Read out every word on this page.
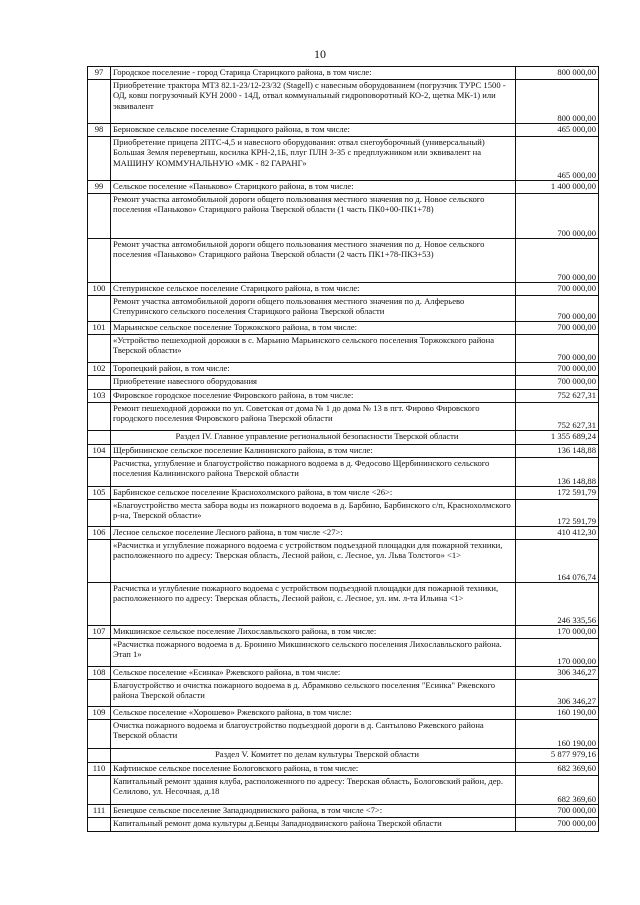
10
97	Городское поселение - город Старица Старицкого района, в том числе:	800 000,00
	Приобретение трактора МТЗ 82.1-23/12-23/32 (Stagell) с навесным оборудованием (погрузчик ТУРС 1500 - ОД, ковш погрузочный КУН 2000 - 14Д, отвал коммунальный гидроповоротный КО-2, щетка МК-1) или эквивалент	800 000,00
98	Берновское сельское поселение Старицкого района, в том числе:	465 000,00
	Приобретение прицепа 2ПТС-4,5 и навесного оборудования: отвал снегоуборочный (универсальный) Большая Земля перевертыш, косилка КРН-2,1Б, плуг ПЛН 3-35 с предплужником или эквивалент на МАШИНУ КОММУНАЛЬНУЮ «МК - 82 ГАРАНГ»	465 000,00
99	Сельское поселение «Паньково» Старицкого района, в том числе:	1 400 000,00
	Ремонт участка автомобильной дороги общего пользования местного значения по д. Новое сельского поселения «Паньково» Старицкого района Тверской области (1 часть ПК0+00-ПК1+78)	700 000,00
	Ремонт участка автомобильной дороги общего пользования местного значения по д. Новое сельского поселения «Паньково» Старицкого района Тверской области (2 часть ПК1+78-ПК3+53)	700 000,00
100	Степуринское сельское поселение Старицкого района, в том числе:	700 000,00
	Ремонт участка автомобильной дороги общего пользования местного значения по д. Алферьево Степуринского сельского поселения Старицкого района Тверской области	700 000,00
101	Марьинское сельское поселение Торжокского района, в том числе:	700 000,00
	«Устройство пешеходной дорожки в с. Марьино Марьинского сельского поселения Торжокского района Тверской области»	700 000,00
102	Торопецкий район, в том числе:	700 000,00
	Приобретение навесного оборудования	700 000,00
103	Фировское городское поселение Фировского района, в том числе:	752 627,31
	Ремонт пешеходной дорожки по ул. Советская от дома № 1 до дома № 13 в пгт. Фирово Фировского городского поселения Фировского района Тверской области	752 627,31
	Раздел IV. Главное управление региональной безопасности Тверской области	1 355 689,24
104	Щербининское сельское поселение Калининского района, в том числе:	136 148,88
	Расчистка, углубление и благоустройство пожарного водоема в д. Федосово Щербининского сельского поселения Калининского района Тверской области	136 148,88
105	Барбинское сельское поселение Краснохолмского района, в том числе <26>:	172 591,79
	«Благоустройство места забора воды из пожарного водоема в д. Барбино, Барбинского с/п, Краснохолмского р-на, Тверской области»	172 591,79
106	Лесное сельское поселение Лесного района, в том числе <27>:	410 412,30
	«Расчистка и углубление пожарного водоема с устройством подъездной площадки для пожарной техники, расположенного по адресу: Тверская область, Лесной район, с. Лесное, ул. Льва Толстого» <1>	164 076,74
	Расчистка и углубление пожарного водоема с устройством подъездной площадки для пожарной техники, расположенного по адресу: Тверская область, Лесной район, с. Лесное, ул. им. л-та Ильина <1>	246 335,56
107	Микшинское сельское поселение Лихославльского района, в том числе:	170 000,00
	«Расчистка пожарного водоема в д. Бронино Микшинского сельского поселения Лихославльского района. Этап 1»	170 000,00
108	Сельское поселение «Есинка» Ржевского района, в том числе:	306 346,27
	Благоустройство и очистка пожарного водоема в д. Абрамково сельского поселения "Есинка" Ржевского района Тверской области	306 346,27
109	Сельское поселение «Хорошево» Ржевского района, в том числе:	160 190,00
	Очистка пожарного водоема и благоустройство подъездной дороги в д. Сантылово Ржевского района Тверской области	160 190,00
	Раздел V. Комитет по делам культуры Тверской области	5 877 979,16
110	Кафтинское сельское поселение Бологовского района, в том числе:	682 369,60
	Капитальный ремонт здания клуба, расположенного по адресу: Тверская область, Бологовский район, дер. Селилово, ул. Несочная, д.18	682 369,60
111	Бенецкое сельское поселение Западнодвинского района, в том числе <7>:	700 000,00
	Капитальный ремонт дома культуры д.Бенцы Западнодвинского района Тверской области	700 000,00
